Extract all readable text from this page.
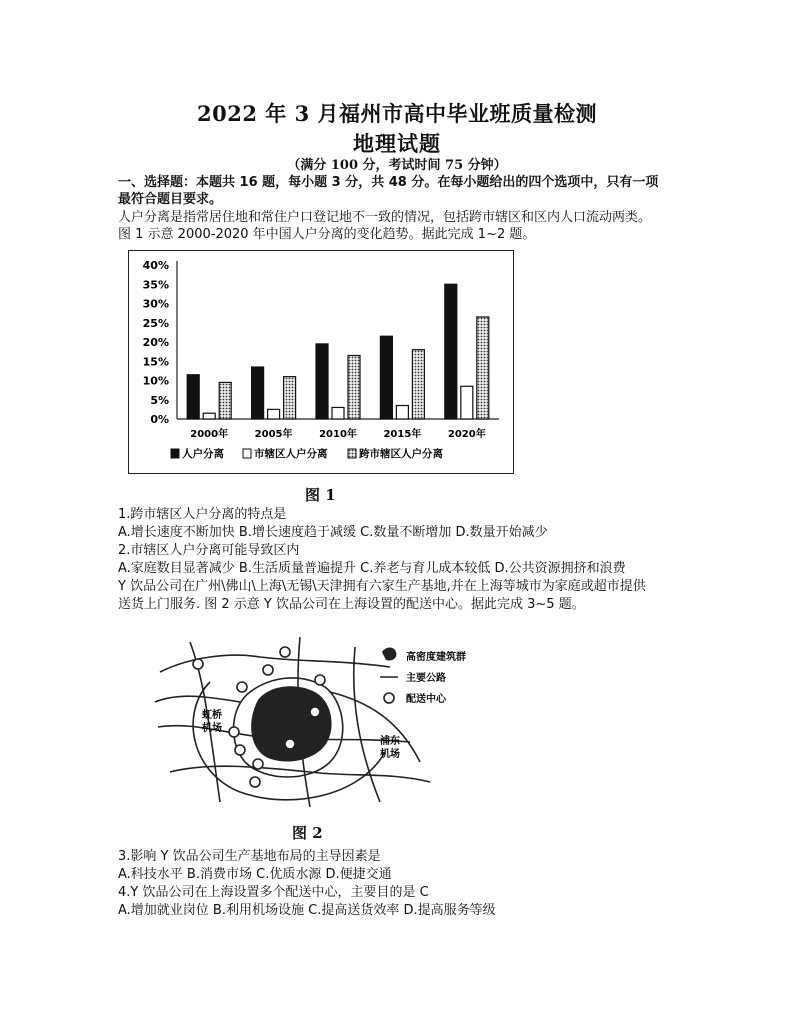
2022 年 3 月福州市高中毕业班质量检测
地理试题
（满分 100 分，考试时间 75 分钟）
一、选择题：本题共 16 题，每小题 3 分，共 48 分。在每小题给出的四个选项中，只有一项
最符合题目要求。
人户分离是指常居住地和常住户口登记地不一致的情况，包括跨市辖区和区内人口流动两类。
图 1 示意 2000-2020 年中国人户分离的变化趋势。据此完成 1~2 题。
40%
35%
30%
25%
20%
15%
10%
5%
0%
2000年	2005年	2010年	2015年	2020年
人户分离	市辖区人户分离	跨市辖区人户分离
图 1
1.跨市辖区人户分离的特点是
A.增长速度不断加快 B.增长速度趋于减缓 C.数量不断增加 D.数量开始减少
2.市辖区人户分离可能导致区内
A.家庭数目显著减少 B.生活质量普遍提升 C.养老与育儿成本较低 D.公共资源拥挤和浪费
Y 饮品公司在广州\佛山\上海\无锡\天津拥有六家生产基地,并在上海等城市为家庭或超市提供
送货上门服务. 图 2 示意 Y 饮品公司在上海设置的配送中心。据此完成 3~5 题。
虹桥
机场
浦东
机场
高密度建筑群
主要公路
配送中心
图 2
3.影响 Y 饮品公司生产基地布局的主导因素是
A.科技水平 B.消费市场 C.优质水源 D.便捷交通
4.Y 饮品公司在上海设置多个配送中心，主要目的是 C
A.增加就业岗位 B.利用机场设施 C.提高送货效率 D.提高服务等级
